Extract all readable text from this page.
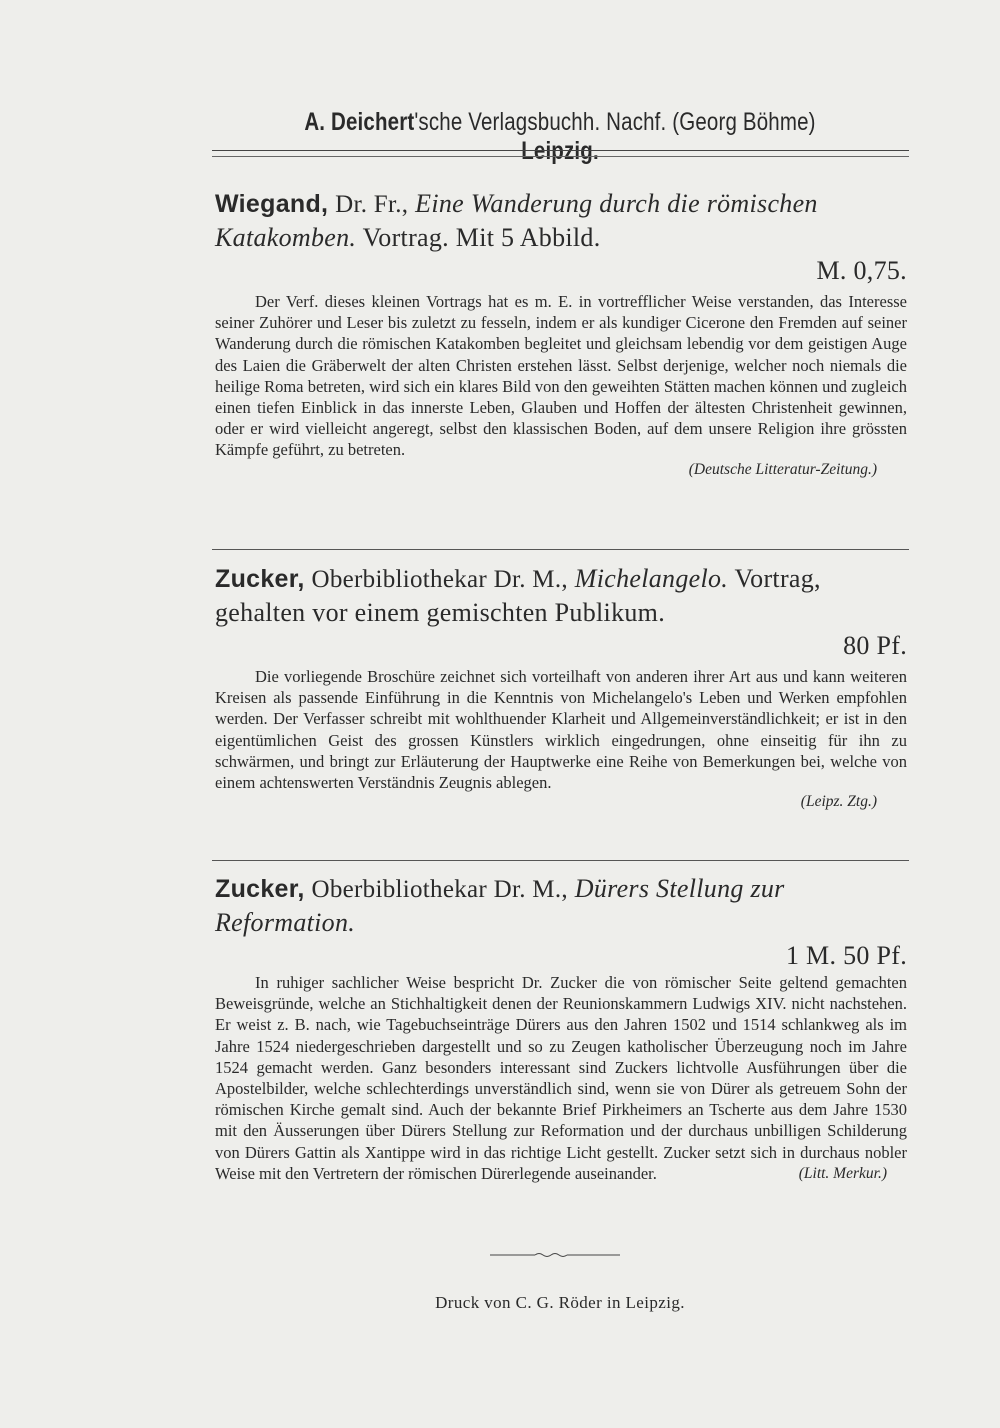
A. Deichert'sche Verlagsbuchh. Nachf. (Georg Böhme) Leipzig.
Wiegand, Dr. Fr., Eine Wanderung durch die römischen Katakomben. Vortrag. Mit 5 Abbild.
M. 0,75.
Der Verf. dieses kleinen Vortrags hat es m. E. in vortrefflicher Weise verstanden, das Interesse seiner Zuhörer und Leser bis zuletzt zu fesseln, indem er als kundiger Cicerone den Fremden auf seiner Wanderung durch die römischen Katakomben begleitet und gleichsam lebendig vor dem geistigen Auge des Laien die Gräberwelt der alten Christen erstehen lässt. Selbst derjenige, welcher noch niemals die heilige Roma betreten, wird sich ein klares Bild von den geweihten Stätten machen können und zugleich einen tiefen Einblick in das innerste Leben, Glauben und Hoffen der ältesten Christenheit gewinnen, oder er wird vielleicht angeregt, selbst den klassischen Boden, auf dem unsere Religion ihre grössten Kämpfe geführt, zu betreten.
(Deutsche Litteratur-Zeitung.)
Zucker, Oberbibliothekar Dr. M., Michelangelo. Vortrag, gehalten vor einem gemischten Publikum.
80 Pf.
Die vorliegende Broschüre zeichnet sich vorteilhaft von anderen ihrer Art aus und kann weiteren Kreisen als passende Einführung in die Kenntnis von Michelangelo's Leben und Werken empfohlen werden. Der Verfasser schreibt mit wohlthuender Klarheit und Allgemeinverständlichkeit; er ist in den eigentümlichen Geist des grossen Künstlers wirklich eingedrungen, ohne einseitig für ihn zu schwärmen, und bringt zur Erläuterung der Hauptwerke eine Reihe von Bemerkungen bei, welche von einem achtenswerten Verständnis Zeugnis ablegen.
(Leipz. Ztg.)
Zucker, Oberbibliothekar Dr. M., Dürers Stellung zur Reformation.
1 M. 50 Pf.
In ruhiger sachlicher Weise bespricht Dr. Zucker die von römischer Seite geltend gemachten Beweisgründe, welche an Stichhaltigkeit denen der Reunionskammern Ludwigs XIV. nicht nachstehen. Er weist z. B. nach, wie Tagebuchseinträge Dürers aus den Jahren 1502 und 1514 schlankweg als im Jahre 1524 niedergeschrieben dargestellt und so zu Zeugen katholischer Überzeugung noch im Jahre 1524 gemacht werden. Ganz besonders interessant sind Zuckers lichtvolle Ausführungen über die Apostelbilder, welche schlechterdings unverständlich sind, wenn sie von Dürer als getreuem Sohn der römischen Kirche gemalt sind. Auch der bekannte Brief Pirkheimers an Tscherte aus dem Jahre 1530 mit den Äusserungen über Dürers Stellung zur Reformation und der durchaus unbilligen Schilderung von Dürers Gattin als Xantippe wird in das richtige Licht gestellt. Zucker setzt sich in durchaus nobler Weise mit den Vertretern der römischen Dürerlegende auseinander.	(Litt. Merkur.)
Druck von C. G. Röder in Leipzig.
